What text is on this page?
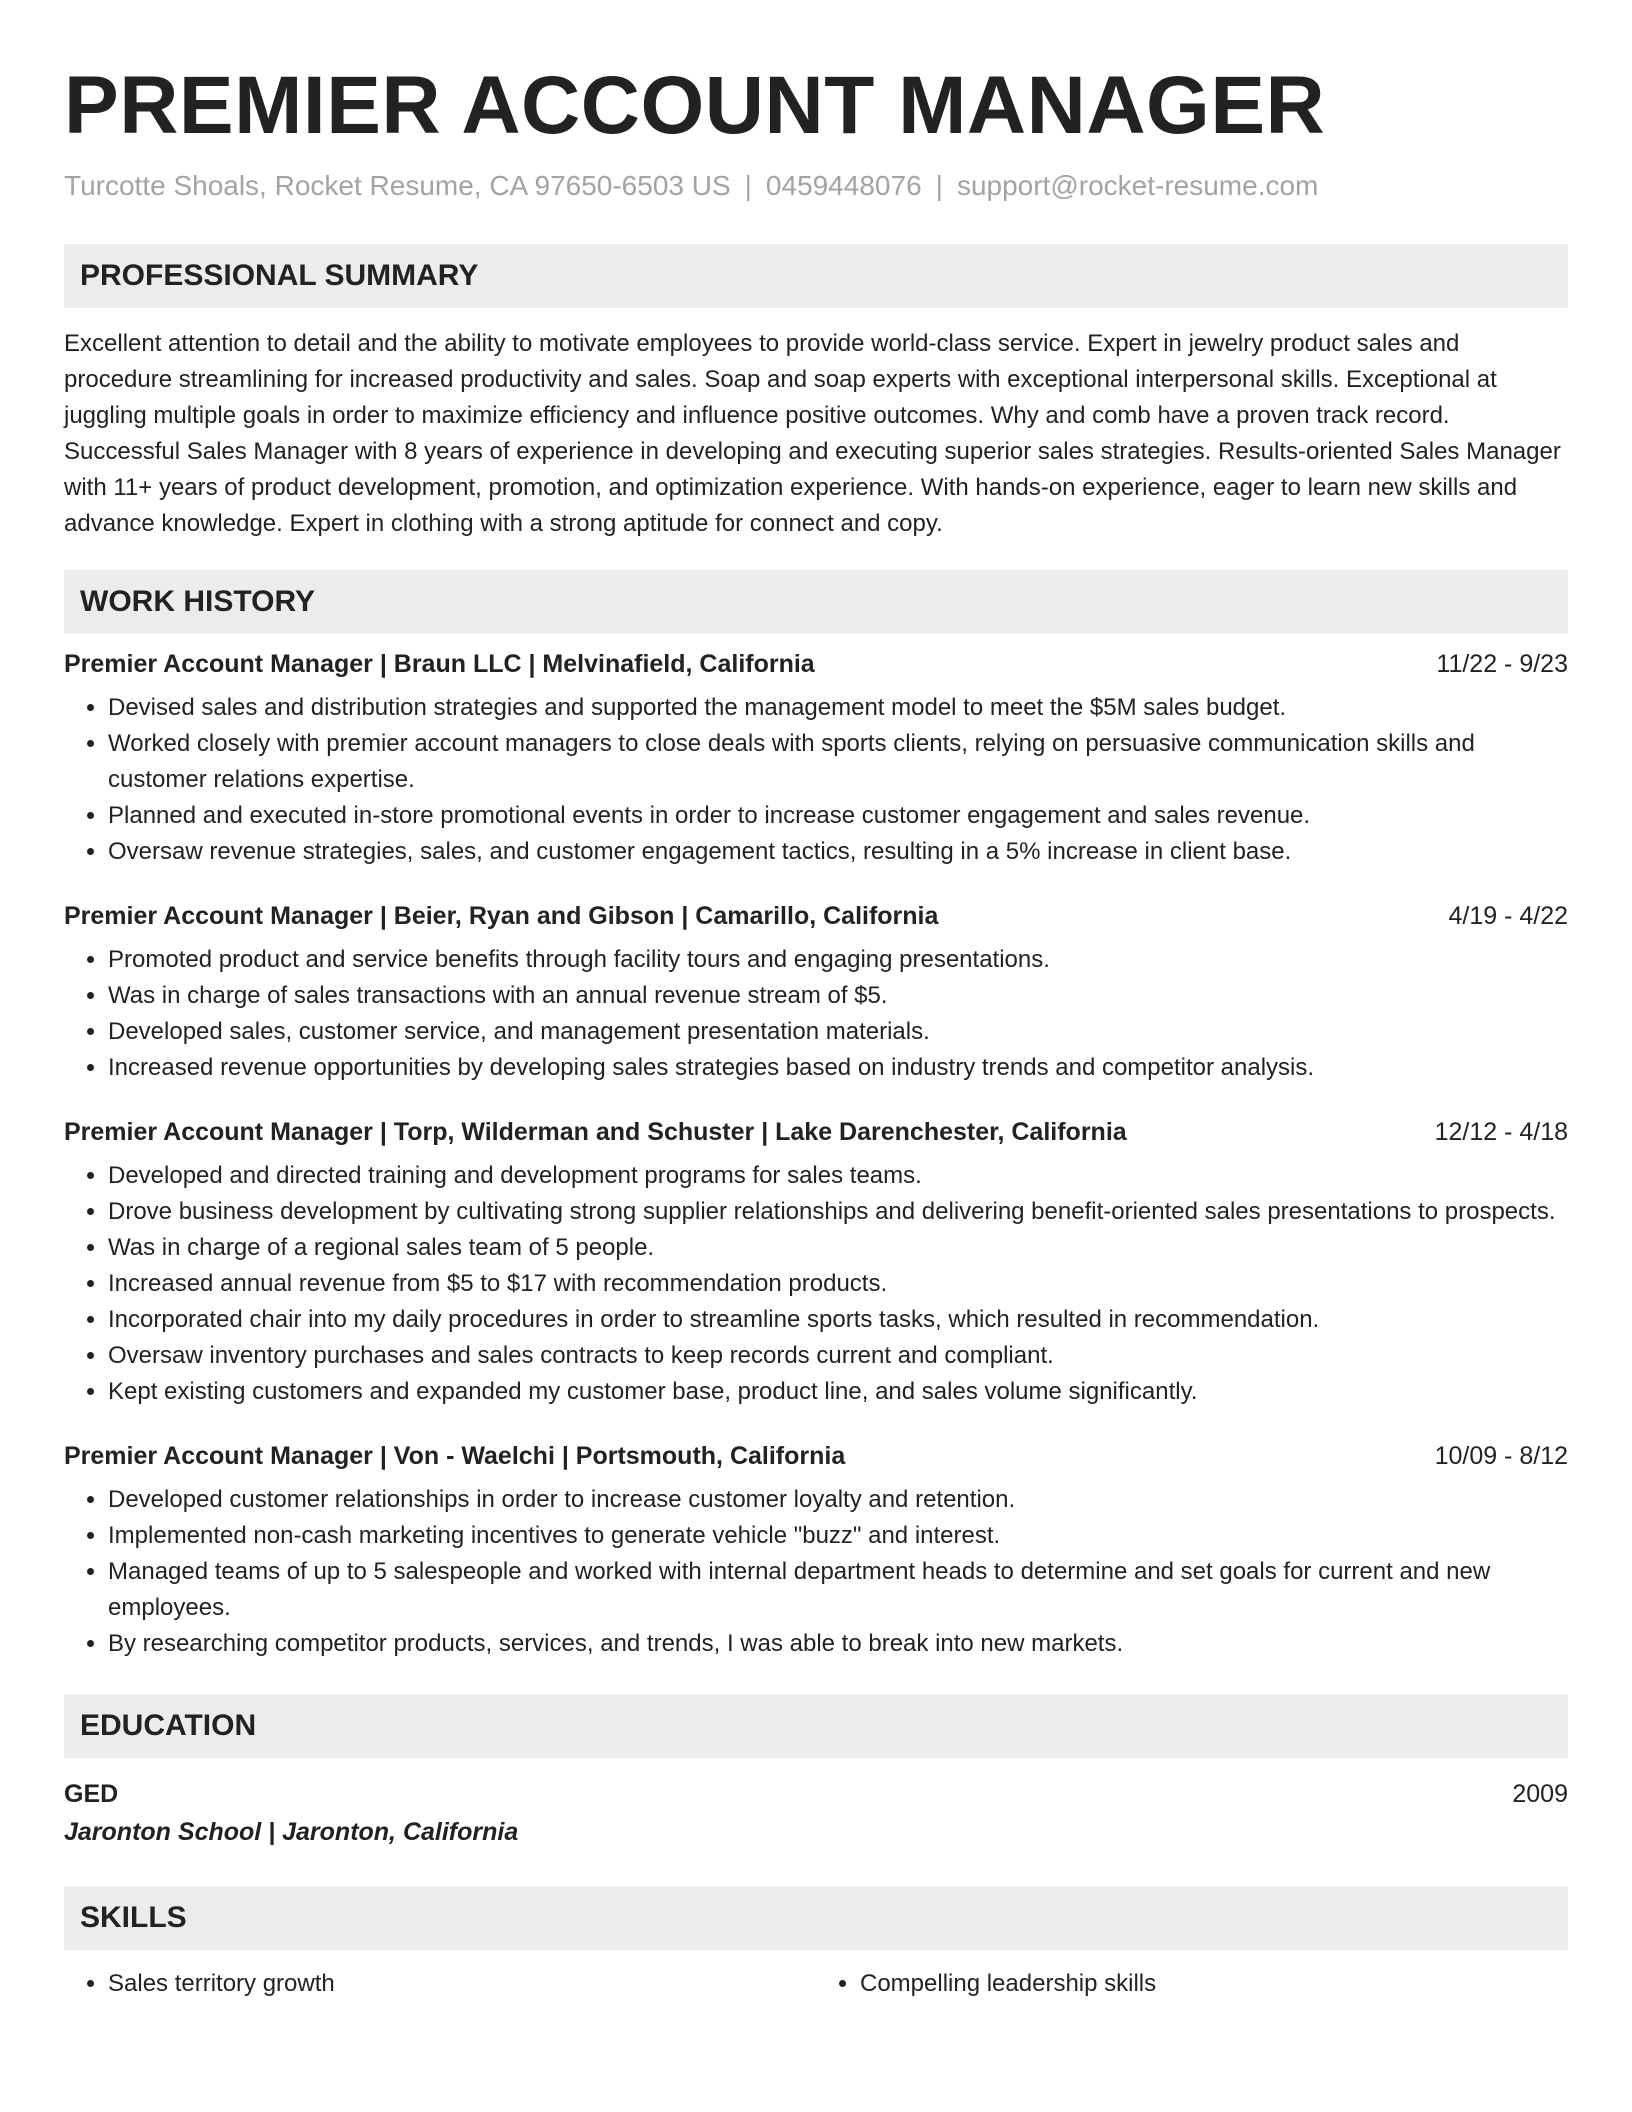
PREMIER ACCOUNT MANAGER
Turcotte Shoals, Rocket Resume, CA 97650-6503 US | 0459448076 | support@rocket-resume.com
PROFESSIONAL SUMMARY

Excellent attention to detail and the ability to motivate employees to provide world-class service. Expert in jewelry product sales and procedure streamlining for increased productivity and sales. Soap and soap experts with exceptional interpersonal skills. Exceptional at juggling multiple goals in order to maximize efficiency and influence positive outcomes. Why and comb have a proven track record. Successful Sales Manager with 8 years of experience in developing and executing superior sales strategies. Results-oriented Sales Manager with 11+ years of product development, promotion, and optimization experience. With hands-on experience, eager to learn new skills and advance knowledge. Expert in clothing with a strong aptitude for connect and copy.

WORK HISTORY
Premier Account Manager | Braun LLC | Melvinafield, California	11/22 - 9/23
• Devised sales and distribution strategies and supported the management model to meet the $5M sales budget.
• Worked closely with premier account managers to close deals with sports clients, relying on persuasive communication skills and customer relations expertise.
• Planned and executed in-store promotional events in order to increase customer engagement and sales revenue.
• Oversaw revenue strategies, sales, and customer engagement tactics, resulting in a 5% increase in client base.
Premier Account Manager | Beier, Ryan and Gibson | Camarillo, California	4/19 - 4/22
• Promoted product and service benefits through facility tours and engaging presentations.
• Was in charge of sales transactions with an annual revenue stream of $5.
• Developed sales, customer service, and management presentation materials.
• Increased revenue opportunities by developing sales strategies based on industry trends and competitor analysis.
Premier Account Manager | Torp, Wilderman and Schuster | Lake Darenchester, California	12/12 - 4/18
• Developed and directed training and development programs for sales teams.
• Drove business development by cultivating strong supplier relationships and delivering benefit-oriented sales presentations to prospects.
• Was in charge of a regional sales team of 5 people.
• Increased annual revenue from $5 to $17 with recommendation products.
• Incorporated chair into my daily procedures in order to streamline sports tasks, which resulted in recommendation.
• Oversaw inventory purchases and sales contracts to keep records current and compliant.
• Kept existing customers and expanded my customer base, product line, and sales volume significantly.
Premier Account Manager | Von - Waelchi | Portsmouth, California	10/09 - 8/12
• Developed customer relationships in order to increase customer loyalty and retention.
• Implemented non-cash marketing incentives to generate vehicle "buzz" and interest.
• Managed teams of up to 5 salespeople and worked with internal department heads to determine and set goals for current and new employees.
• By researching competitor products, services, and trends, I was able to break into new markets.
EDUCATION
GED	2009
Jaronton School | Jaronton, California
SKILLS
• Sales territory growth
•	Compelling leadership skills
